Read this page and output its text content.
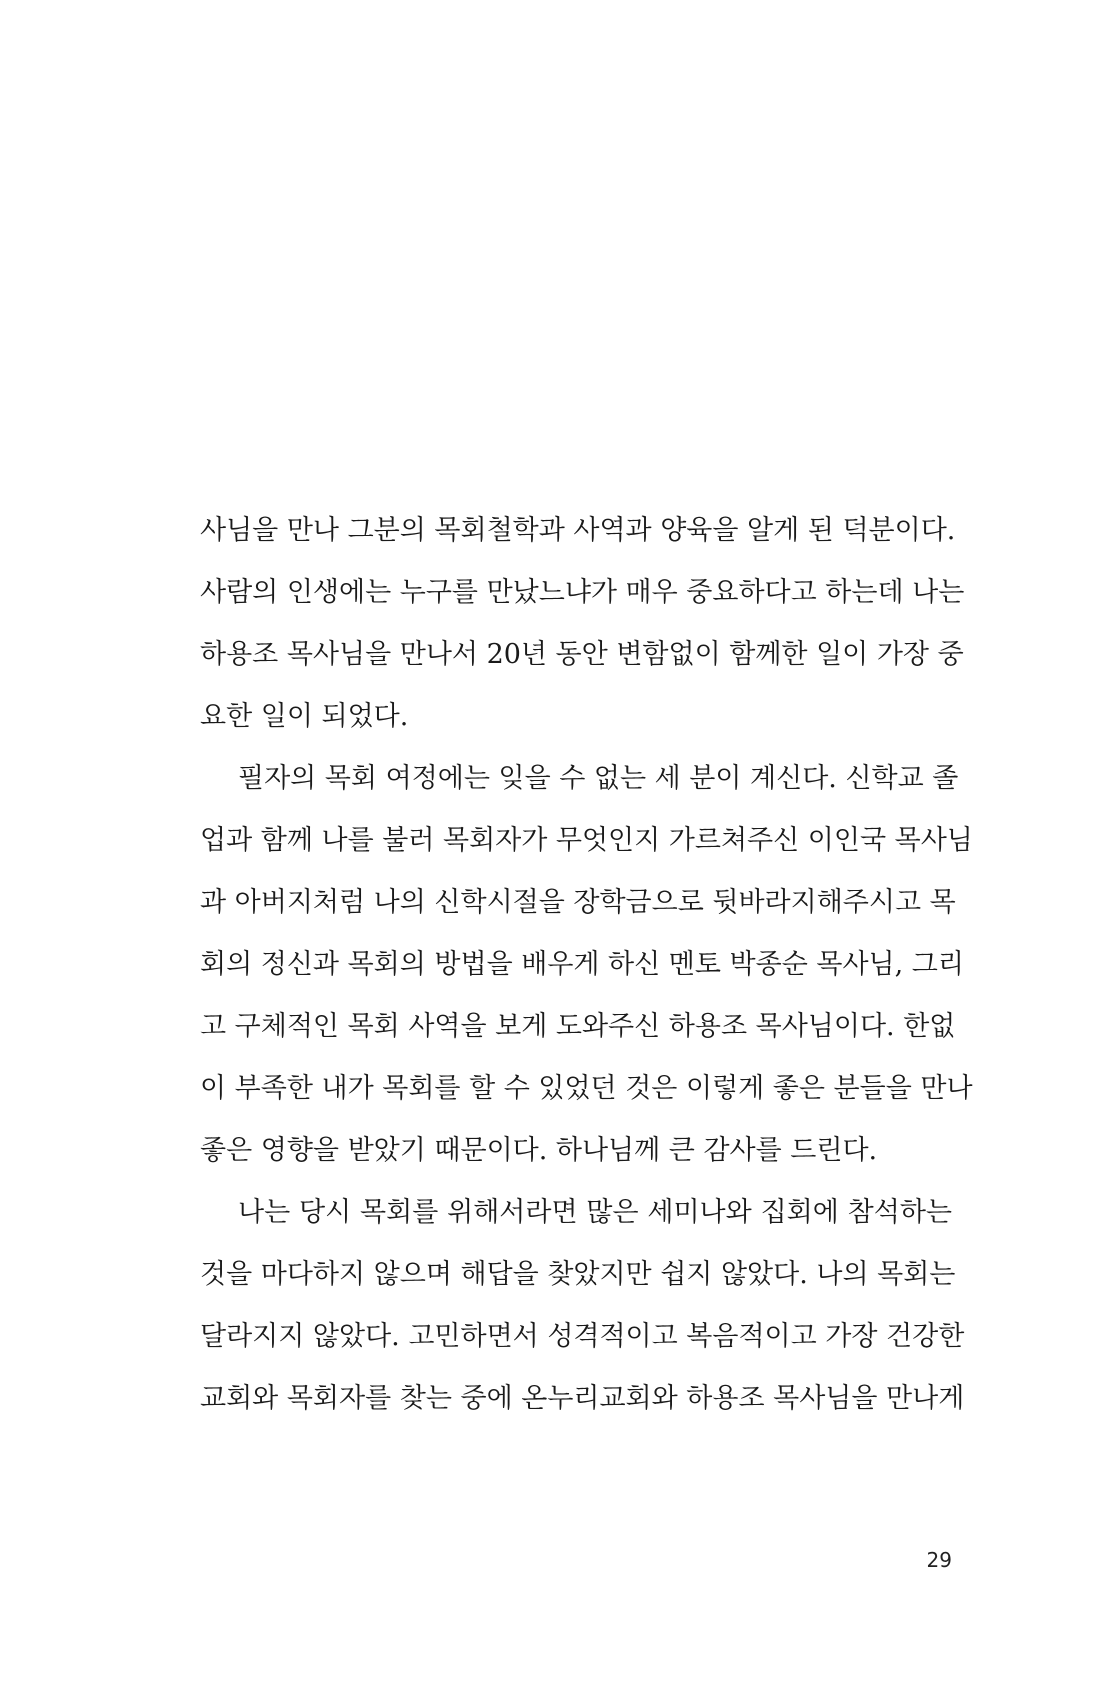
사님을 만나 그분의 목회철학과 사역과 양육을 알게 된 덕분이다.
사람의 인생에는 누구를 만났느냐가 매우 중요하다고 하는데 나는
하용조 목사님을 만나서 20년 동안 변함없이 함께한 일이 가장 중
요한 일이 되었다.
필자의 목회 여정에는 잊을 수 없는 세 분이 계신다. 신학교 졸
업과 함께 나를 불러 목회자가 무엇인지 가르쳐주신 이인국 목사님
과 아버지처럼 나의 신학시절을 장학금으로 뒷바라지해주시고 목
회의 정신과 목회의 방법을 배우게 하신 멘토 박종순 목사님, 그리
고 구체적인 목회 사역을 보게 도와주신 하용조 목사님이다. 한없
이 부족한 내가 목회를 할 수 있었던 것은 이렇게 좋은 분들을 만나
좋은 영향을 받았기 때문이다. 하나님께 큰 감사를 드린다.
나는 당시 목회를 위해서라면 많은 세미나와 집회에 참석하는
것을 마다하지 않으며 해답을 찾았지만 쉽지 않았다. 나의 목회는
달라지지 않았다. 고민하면서 성격적이고 복음적이고 가장 건강한
교회와 목회자를 찾는 중에 온누리교회와 하용조 목사님을 만나게
29
